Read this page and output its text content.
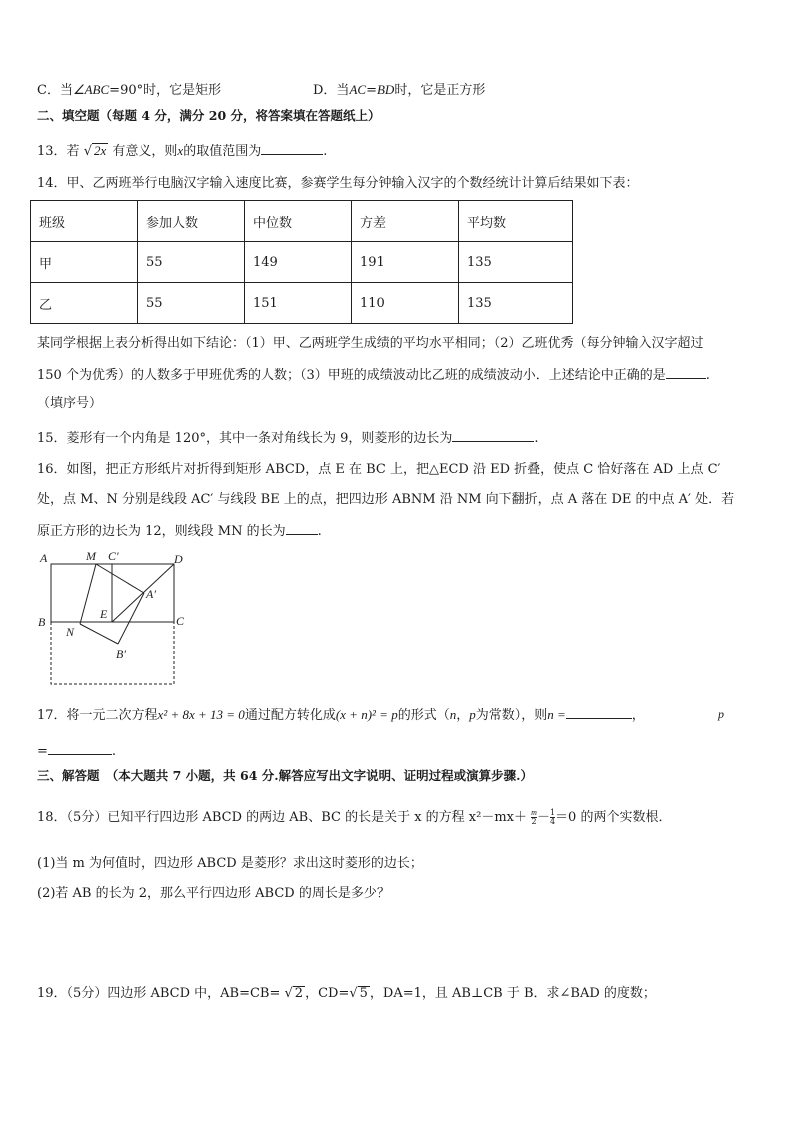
C．当∠ABC=90°时，它是矩形	D．当AC=BD时，它是正方形
二、填空题（每题 4 分，满分 20 分，将答案填在答题纸上）
13．若 √ 2x 有意义，则x的取值范围为	.
14．甲、乙两班举行电脑汉字输入速度比赛，参赛学生每分钟输入汉字的个数经统计计算后结果如下表：
班级	参加人数	中位数	方差	平均数
甲	55	149	191	135
乙	55	151	110	135
某同学根据上表分析得出如下结论：（1）甲、乙两班学生成绩的平均水平相同；（2）乙班优秀（每分钟输入汉字超过
150 个为优秀）的人数多于甲班优秀的人数；（3）甲班的成绩波动比乙班的成绩波动小．上述结论中正确的是	.
（填序号）
15．菱形有一个内角是 120°，其中一条对角线长为 9，则菱形的边长为	.
16．如图，把正方形纸片对折得到矩形 ABCD，点 E 在 BC 上，把△ECD 沿 ED 折叠，使点 C 恰好落在 AD 上点 C′
处，点 M、N 分别是线段 AC′ 与线段 BE 上的点，把四边形 ABNM 沿 NM 向下翻折，点 A 落在 DE 的中点 A′ 处．若
原正方形的边长为 12，则线段 MN 的长为 .
A	M C′	D
A′
E
B
N
C
B′
17．将一元二次方程x² + 8x + 13 = 0通过配方转化成(x + n)² = p的形式（n，p为常数），则n =	，	p
=	.
三、解答题　（本大题共 7 小题，共 64 分.解答应写出文字说明、证明过程或演算步骤.）
18．（5分）已知平行四边形 ABCD 的两边 AB、BC 的长是关于 x 的方程 $x^2-mx+ \frac{m}{2} - \frac{1}{4} =0$ 的两个实数根．
(1)当 m 为何值时，四边形 ABCD 是菱形？求出这时菱形的边长；
(2)若 AB 的长为 2，那么平行四边形 ABCD 的周长是多少？
19．（5分）四边形 ABCD 中，AB=CB= √ 2 ，CD=√ 5 ，DA=1，且 AB⊥CB 于 B．求∠BAD 的度数；
